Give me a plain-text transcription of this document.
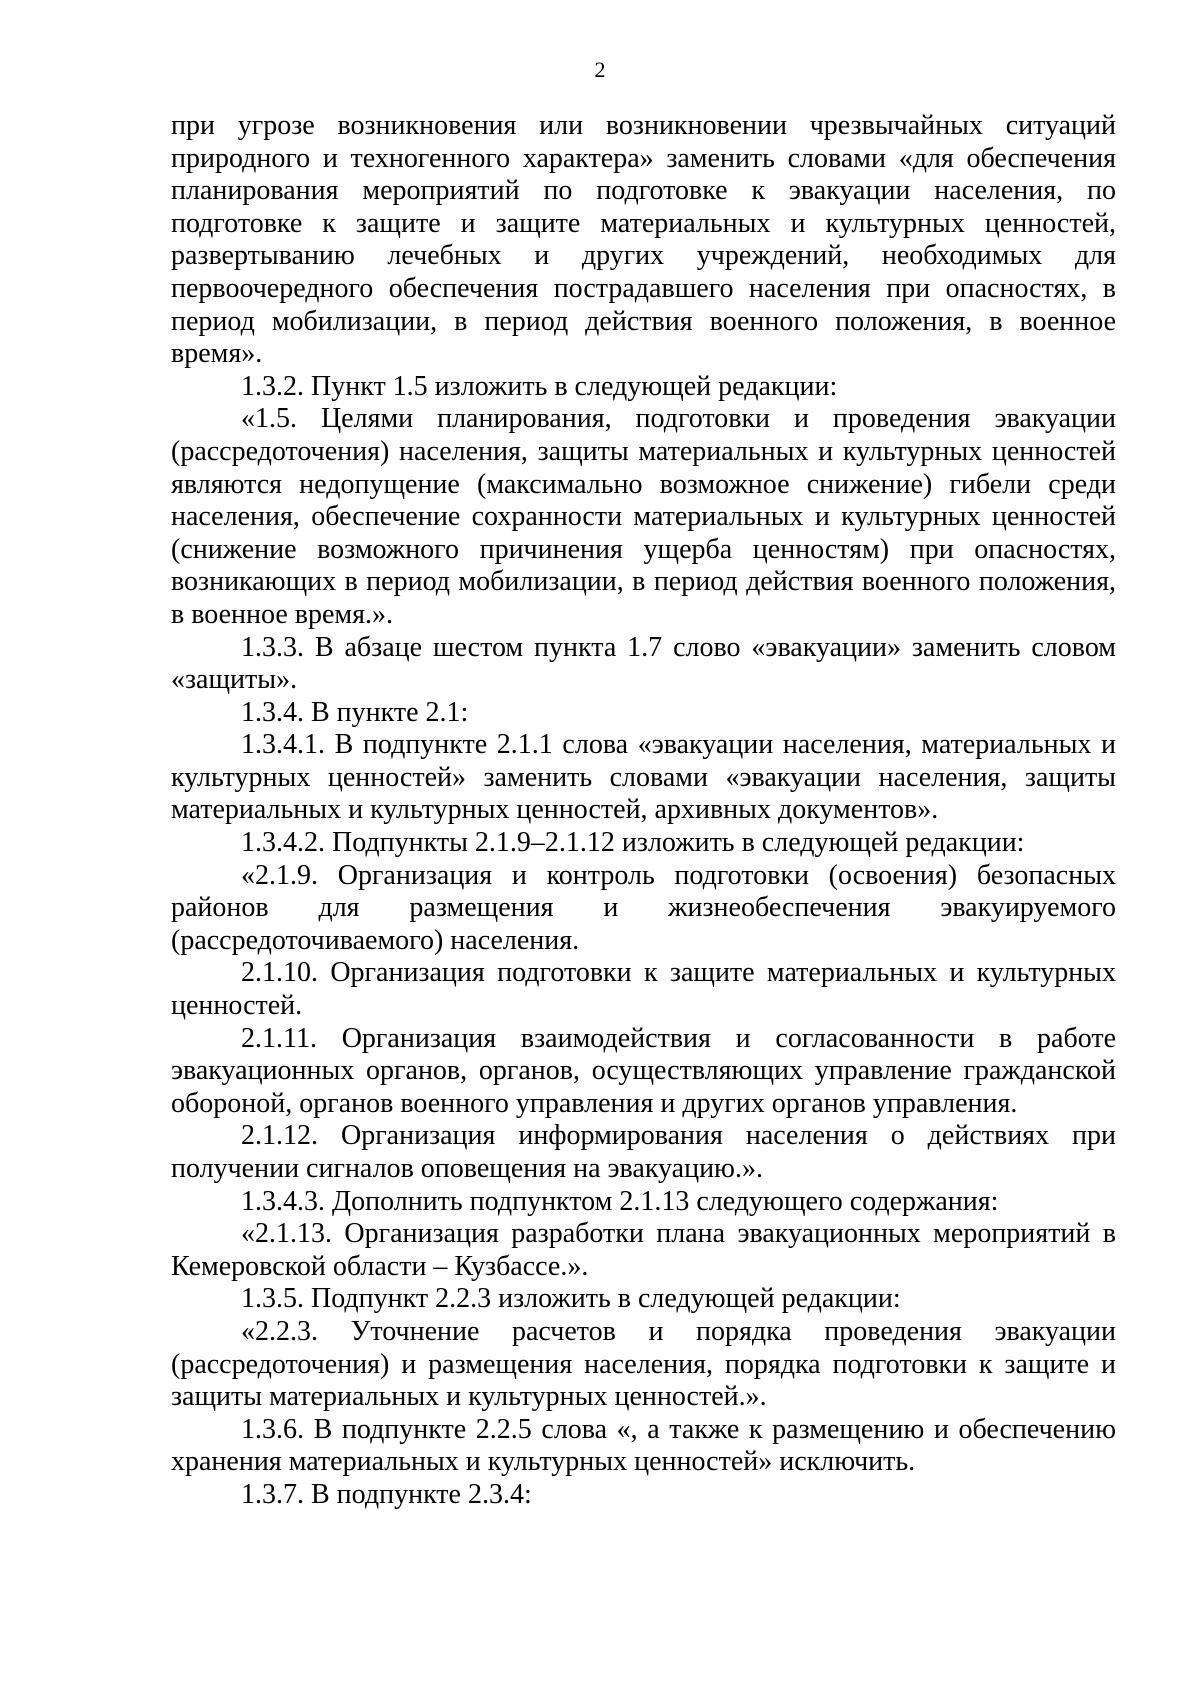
2

при угрозе возникновения или возникновении чрезвычайных ситуаций природного и техногенного характера» заменить словами «для обеспечения планирования мероприятий по подготовке к эвакуации населения, по подготовке к защите и защите материальных и культурных ценностей, развертыванию лечебных и других учреждений, необходимых для первоочередного обеспечения пострадавшего населения при опасностях, в период мобилизации, в период действия военного положения, в военное время».

1.3.2. Пункт 1.5 изложить в следующей редакции:

«1.5. Целями планирования, подготовки и проведения эвакуации (рассредоточения) населения, защиты материальных и культурных ценностей являются недопущение (максимально возможное снижение) гибели среди населения, обеспечение сохранности материальных и культурных ценностей (снижение возможного причинения ущерба ценностям) при опасностях, возникающих в период мобилизации, в период действия военного положения, в военное время.».

1.3.3. В абзаце шестом пункта 1.7 слово «эвакуации» заменить словом «защиты».

1.3.4. В пункте 2.1:

1.3.4.1. В подпункте 2.1.1 слова «эвакуации населения, материальных и культурных ценностей» заменить словами «эвакуации населения, защиты материальных и культурных ценностей, архивных документов».

1.3.4.2. Подпункты 2.1.9–2.1.12 изложить в следующей редакции:

«2.1.9. Организация и контроль подготовки (освоения) безопасных районов для размещения и жизнеобеспечения эвакуируемого (рассредоточиваемого) населения.

2.1.10. Организация подготовки к защите материальных и культурных ценностей.

2.1.11. Организация взаимодействия и согласованности в работе эвакуационных органов, органов, осуществляющих управление гражданской обороной, органов военного управления и других органов управления.

2.1.12. Организация информирования населения о действиях при получении сигналов оповещения на эвакуацию.».

1.3.4.3. Дополнить подпунктом 2.1.13 следующего содержания:

«2.1.13. Организация разработки плана эвакуационных мероприятий в Кемеровской области – Кузбассе.».

1.3.5. Подпункт 2.2.3 изложить в следующей редакции:

«2.2.3. Уточнение расчетов и порядка проведения эвакуации (рассредоточения) и размещения населения, порядка подготовки к защите и защиты материальных и культурных ценностей.».

1.3.6. В подпункте 2.2.5 слова «, а также к размещению и обеспечению хранения материальных и культурных ценностей» исключить.

1.3.7. В подпункте 2.3.4:
